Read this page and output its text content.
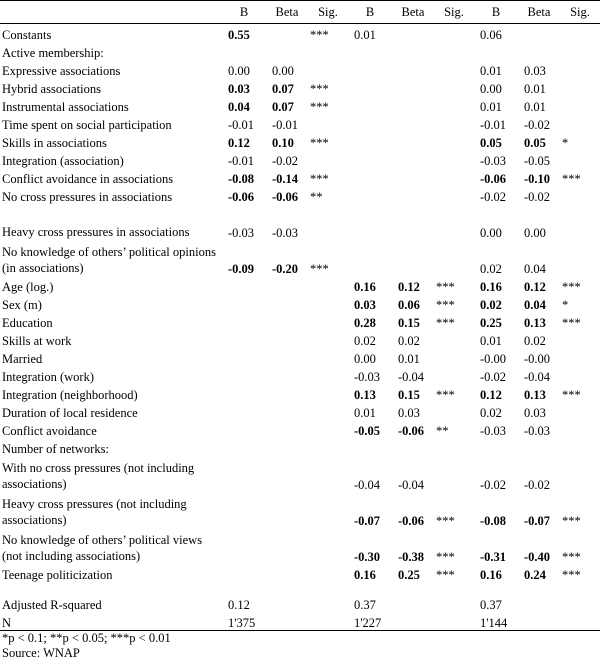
	B	Beta	Sig.	B	Beta	Sig.	B	Beta	Sig.
Constants	0.55		***	0.01			0.06		
Active membership:									
Expressive associations	0.00	0.00					0.01	0.03	
Hybrid associations	0.03	0.07	***				0.00	0.01	
Instrumental associations	0.04	0.07	***				0.01	0.01	
Time spent on social participation	-0.01	-0.01					-0.01	-0.02	
Skills in associations	0.12	0.10	***				0.05	0.05	*
Integration (association)	-0.01	-0.02					-0.03	-0.05	
Conflict avoidance in associations	-0.08	-0.14	***				-0.06	-0.10	***
No cross pressures in associations	-0.06	-0.06	**				-0.02	-0.02	
Heavy cross pressures in associations	-0.03	-0.03					0.00	0.00	
No knowledge of others’ political opinions (in associations)	-0.09	-0.20	***				0.02	0.04	
Age (log.)				0.16	0.12	***	0.16	0.12	***
Sex (m)				0.03	0.06	***	0.02	0.04	*
Education				0.28	0.15	***	0.25	0.13	***
Skills at work				0.02	0.02		0.01	0.02	
Married				0.00	0.01		-0.00	-0.00	
Integration (work)				-0.03	-0.04		-0.02	-0.04	
Integration (neighborhood)				0.13	0.15	***	0.12	0.13	***
Duration of local residence				0.01	0.03		0.02	0.03	
Conflict avoidance				-0.05	-0.06	**	-0.03	-0.03	
Number of networks:									
With no cross pressures (not including associations)				-0.04	-0.04		-0.02	-0.02	
Heavy cross pressures (not including associations)				-0.07	-0.06	***	-0.08	-0.07	***
No knowledge of others’ political views (not including associations)				-0.30	-0.38	***	-0.31	-0.40	***
Teenage politicization				0.16	0.25	***	0.16	0.24	***

Adjusted R-squared	0.12			0.37			0.37		
N	1'375			1'227			1'144		
*p < 0.1; **p < 0.05; ***p < 0.01
Source: WNAP
